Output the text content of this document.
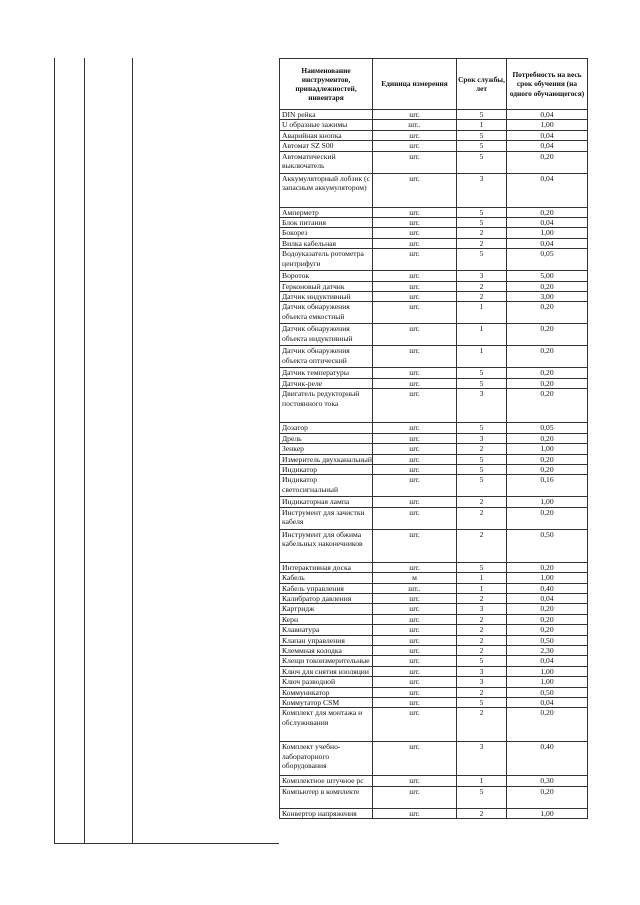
Наименование инструментов, принадлежностей, инвентаря	Единица измерения	Срок службы, лет	Потребность на весь срок обучения (на одного обучающегося)
DIN рейка	шт.	5	0,04
U образные зажимы	шт..	1	1,00
Аварийная кнопка	шт.	5	0,04
Автомат SZ S00	шт.	5	0,04
Автоматический выключатель	шт.	5	0,20
Аккумуляторный лобзик (с запасным аккумулятором)	шт.	3	0,04
Амперметр	шт.	5	0,20
Блок питания	шт.	5	0,04
Бокорез	шт.	2	1,00
Вилка кабельная	шт.	2	0,04
Водоуказатель ротометра центрифуги	шт.	5	0,05
Вороток	шт.	3	5,00
Герконовый датчик	шт.	2	0,20
Датчик индуктивный	шт.	2	3,00
Датчик обнаружения объекта емкостный	шт.	1	0,20
Датчик обнаружения объекта индуктивный	шт.	1	0,20
Датчик обнаружения объекта оптический	шт.	1	0,20
Датчик температуры	шт.	5	0,20
Датчик-реле	шт.	5	0,20
Двигатель редукторный постоянного тока	шт.	3	0,20
Дозатор	шт.	5	0,05
Дрель	шт.	3	0,20
Зенкер	шт.	2	1,00
Измеритель двухканальный	шт.	5	0,20
Индикатор	шт.	5	0,20
Индикатор светосигнальный	шт.	5	0,16
Индикаторная лампа	шт.	2	1,00
Инструмент для зачистки кабеля	шт.	2	0,20
Инструмент для обжима кабельных наконечников	шт.	2	0,50
Интерактивная доска	шт.	5	0,20
Кабель	м	1	1,00
Кабель управления	шт..	1	0,40
Калибратор давления	шт.	2	0,04
Картридж	шт.	3	0,20
Керн	шт.	2	0,20
Клавиатура	шт.	2	0,20
Клапан управления	шт.	2	0,50
Клеммная колодка	шт.	2	2,30
Клещи токоизмерительные	шт.	5	0,04
Ключ для снятия изоляции	шт.	3	1,00
Ключ разводной	шт.	3	1,00
Коммуникатор	шт.	2	0,50
Коммутатор CSM	шт.	5	0,04
Комплект для монтажа и обслуживания	шт.	2	0,20
Комплект учебно-лабораторного оборудования	шт.	3	0,40
Комплектное штучное рс	шт.	1	0,30
Компьютер в комплекте	шт.	5	0,20
Конвертор напряжения	шт.	2	1,00
